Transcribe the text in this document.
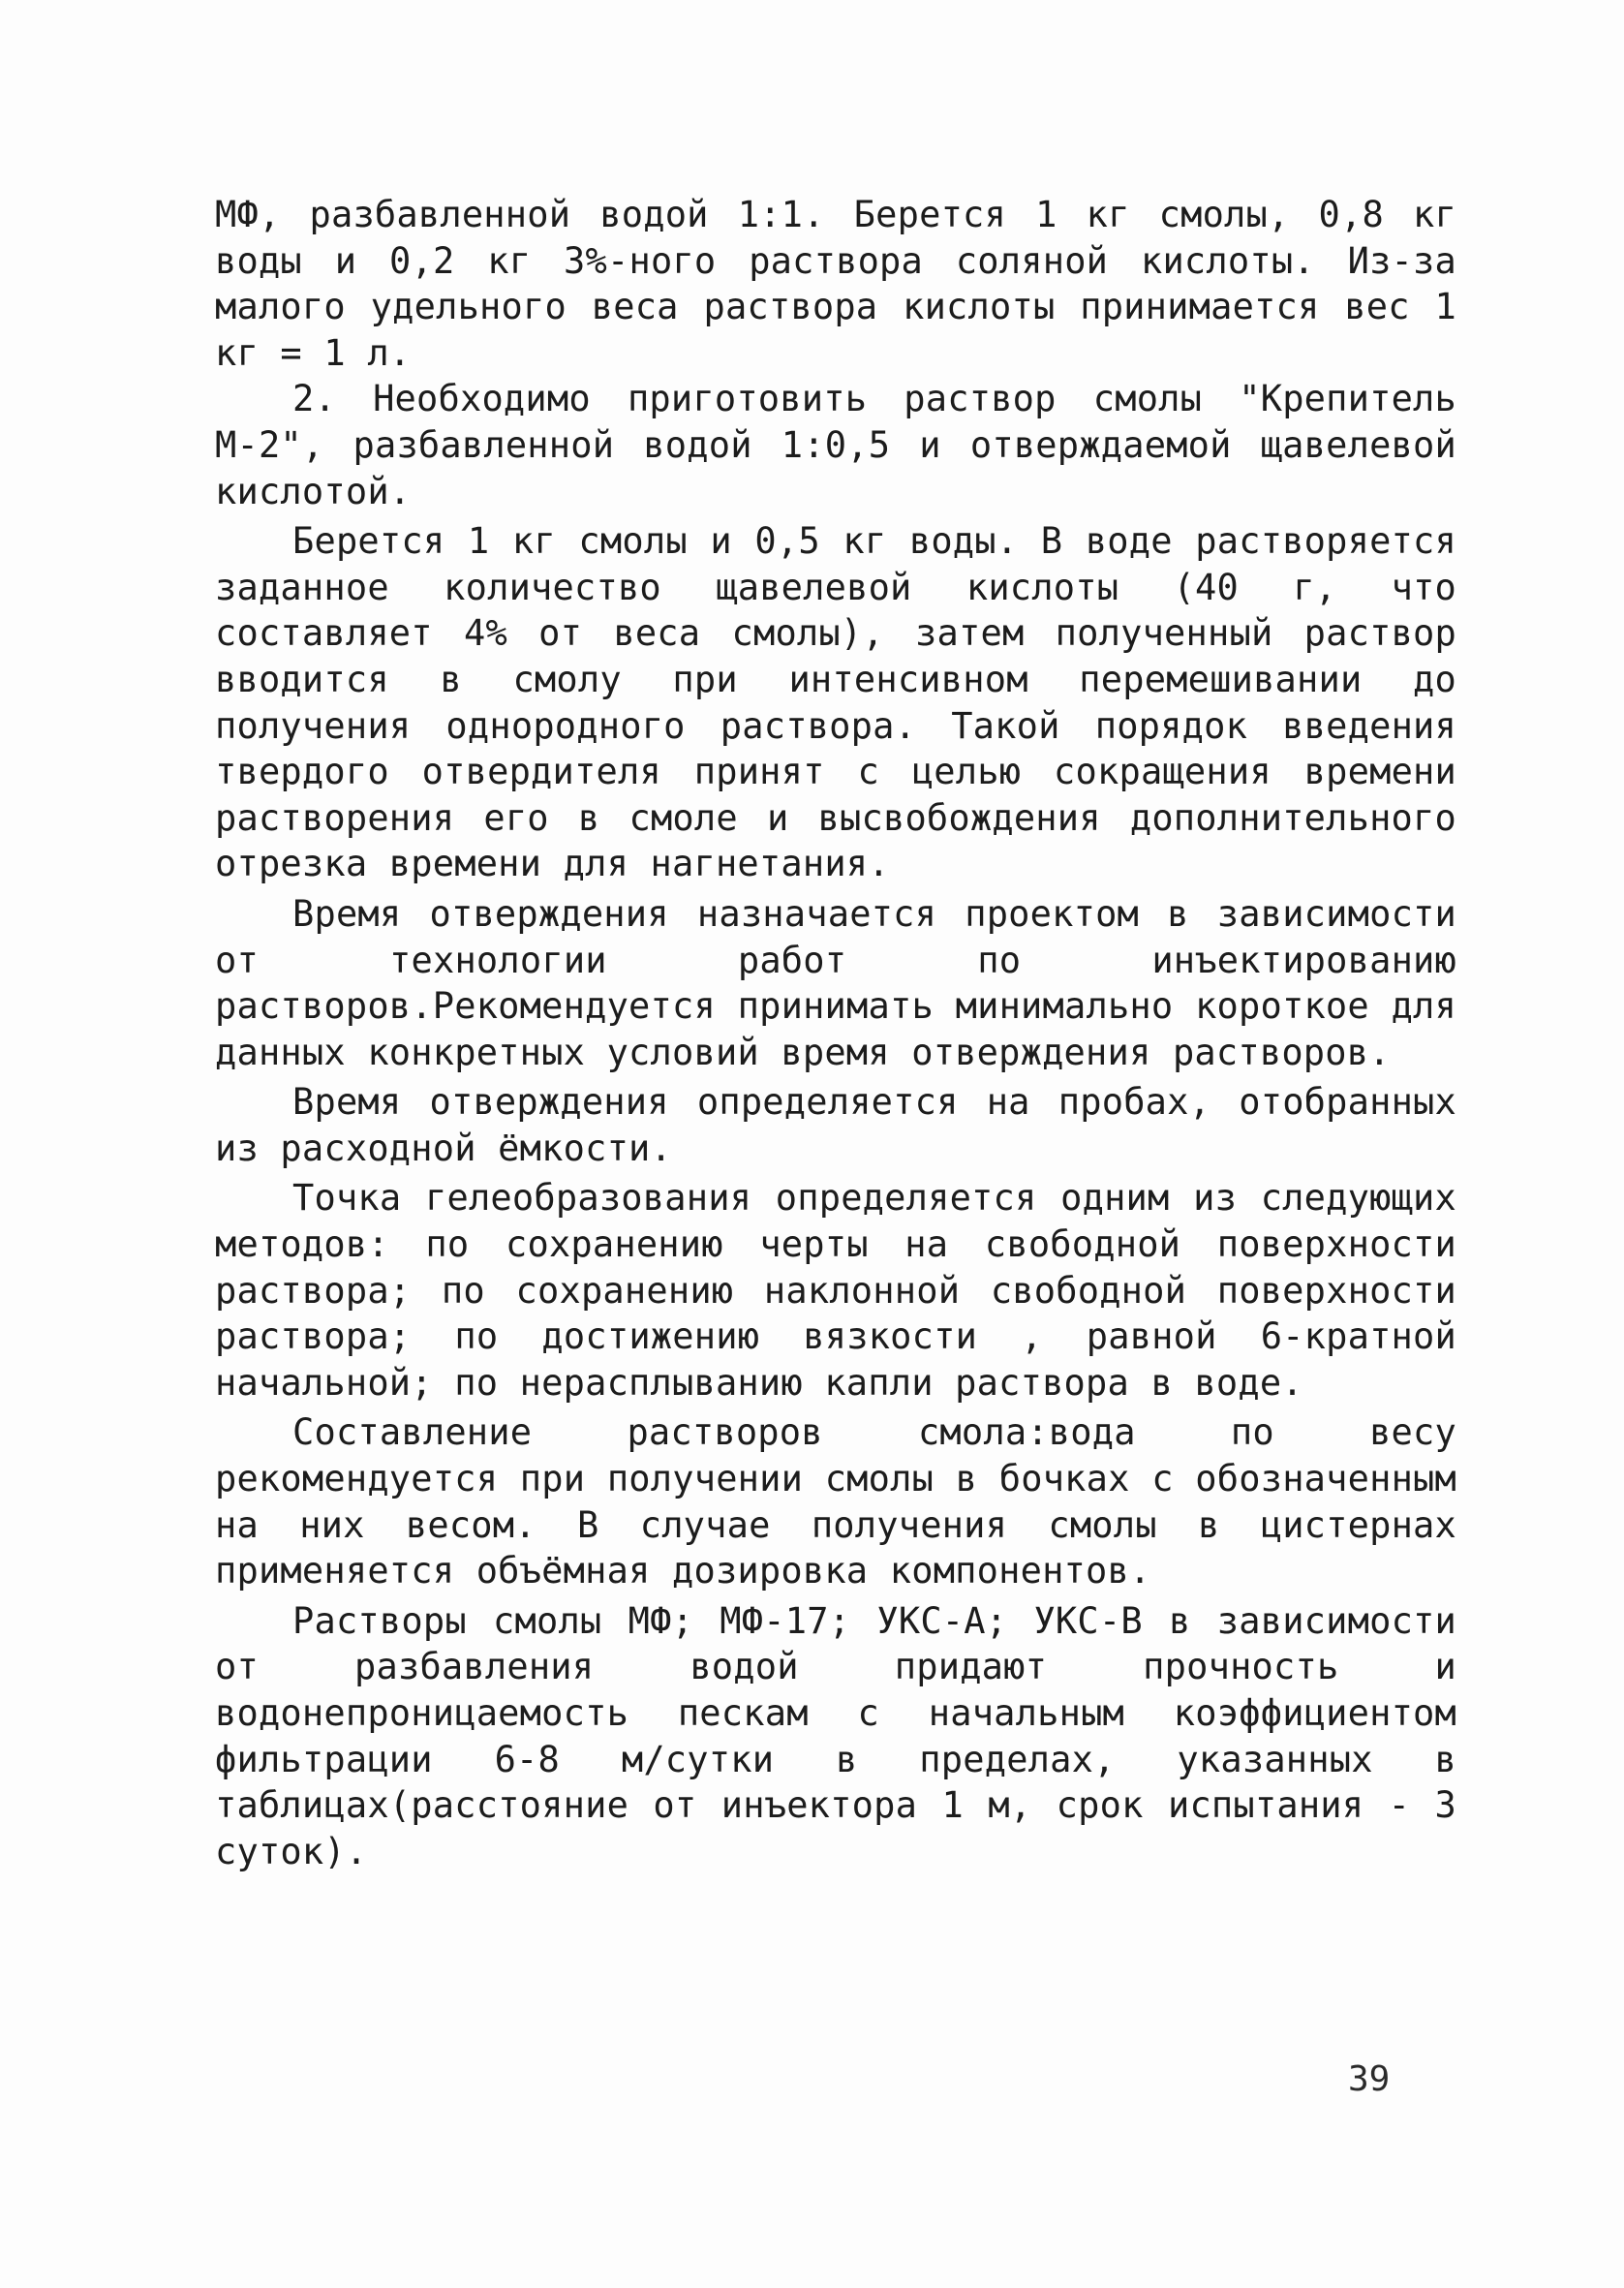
МФ, разбавленной водой 1:1. Берется 1 кг смолы, 0,8 кг воды и 0,2 кг 3%-ного раствора соляной кислоты. Из-за малого удельного веса раствора кислоты принимается вес 1 кг = 1 л.

2. Необходимо приготовить раствор смолы "Крепитель М-2", разбавленной водой 1:0,5 и отверждаемой щавелевой кислотой.

Берется 1 кг смолы и 0,5 кг воды. В воде растворяется заданное количество щавелевой кислоты (40 г, что составляет 4% от веса смолы), затем полученный раствор вводится в смолу при интенсивном перемешивании до получения однородного раствора. Такой порядок введения твердого отвердителя принят с целью сокращения времени растворения его в смоле и высвобождения дополнительного отрезка времени для нагнетания.

Время отверждения назначается проектом в зависимости от технологии работ по инъектированию растворов.Рекомендуется принимать минимально короткое для данных конкретных условий время отверждения растворов.

Время отверждения определяется на пробах, отобранных из расходной ёмкости.

Точка гелеобразования определяется одним из следующих методов: по сохранению черты на свободной поверхности раствора; по сохранению наклонной свободной поверхности раствора; по достижению вязкости , равной 6-кратной начальной; по нерасплыванию капли раствора в воде.

Составление растворов смола:вода по весу рекомендуется при получении смолы в бочках с обозначенным на них весом. В случае получения смолы в цистернах применяется объёмная дозировка компонентов.

Растворы смолы МФ; МФ-17; УКС-А; УКС-В в зависимости от разбавления водой придают прочность и водонепроницаемость пескам с начальным коэффициентом фильтрации 6-8 м/сутки в пределах, указанных в таблицах(расстояние от инъектора 1 м, срок испытания - 3 суток).

39
